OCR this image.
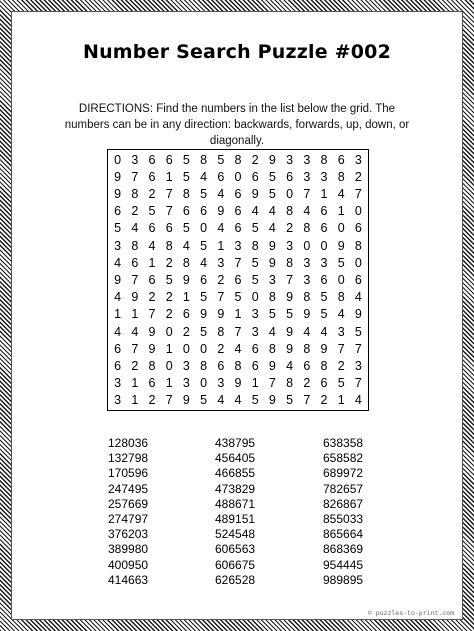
Number Search Puzzle #002
DIRECTIONS: Find the numbers in the list below the grid. The numbers can be in any direction: backwards, forwards, up, down, or diagonally.
0 3 6 6 5 8 5 8 2 9 3 3 8 6 3
9 7 6 1 5 4 6 0 6 5 6 3 3 8 2
9 8 2 7 8 5 4 6 9 5 0 7 1 4 7
6 2 5 7 6 6 9 6 4 4 8 4 6 1 0
5 4 6 6 5 0 4 6 5 4 2 8 6 0 6
3 8 4 8 4 5 1 3 8 9 3 0 0 9 8
4 6 1 2 8 4 3 7 5 9 8 3 3 5 0
9 7 6 5 9 6 2 6 5 3 7 3 6 0 6
4 9 2 2 1 5 7 5 0 8 9 8 5 8 4
1 1 7 2 6 9 9 1 3 5 5 9 5 4 9
4 4 9 0 2 5 8 7 3 4 9 4 4 3 5
6 7 9 1 0 0 2 4 6 8 9 8 9 7 7
6 2 8 0 3 8 6 8 6 9 4 6 8 2 3
3 1 6 1 3 0 3 9 1 7 8 2 6 5 7
3 1 2 7 9 5 4 4 5 9 5 7 2 1 4
128036
132798
170596
247495
257669
274797
376203
389980
400950
414663
438795
456405
466855
473829
488671
489151
524548
606563
606675
626528
638358
658582
689972
782657
826867
855033
865664
868369
954445
989895
© puzzles-to-print.com
